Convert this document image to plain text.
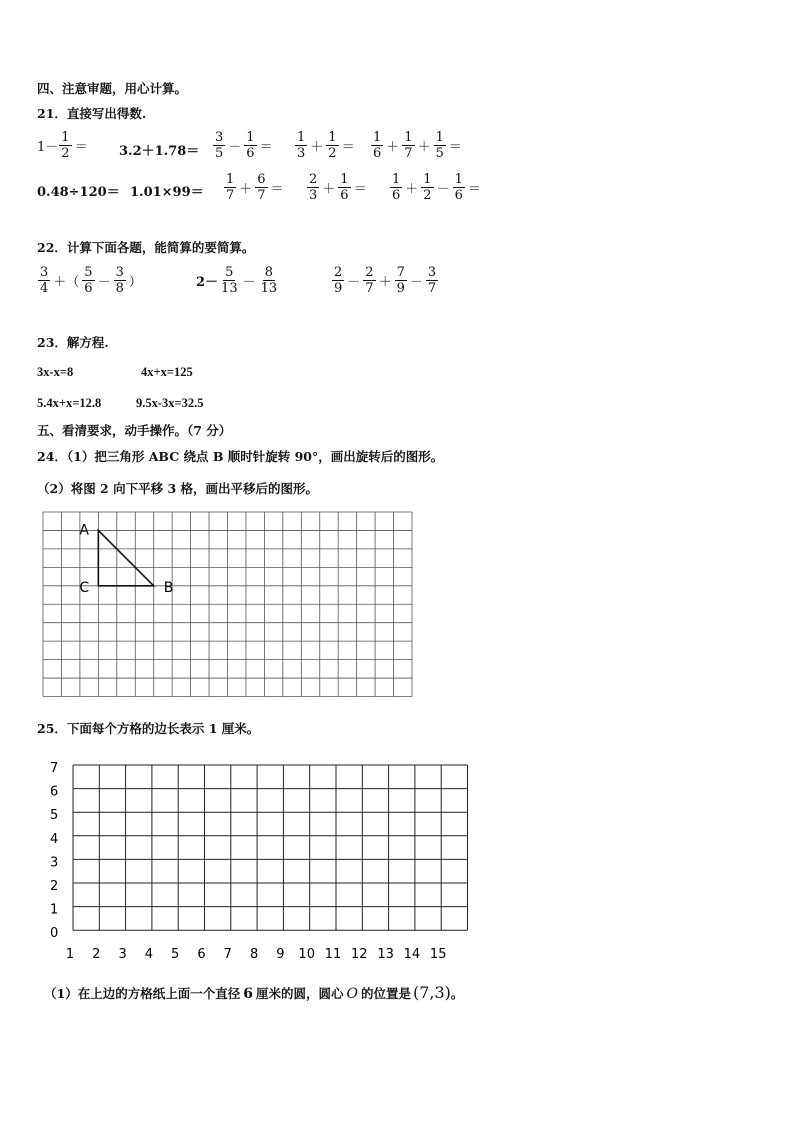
四、注意审题，用心计算。
21．直接写出得数.
$1- \frac{1}{2} = 3.2+1.78= \frac{3}{5} - \frac{1}{6} = \frac{1}{3} + \frac{1}{2} = \frac{1}{6} + \frac{1}{7} + \frac{1}{5}$ ＝
$0.48\div 120= 1.01\times 99= \frac{1}{7} + \frac{6}{7} = \frac{2}{3} + \frac{1}{6} = \frac{1}{6} + \frac{1}{2} - \frac{1}{6}$ ＝
22．计算下面各题，能简算的要简算。
$\frac{3}{4}$ ＋（ $\frac{5}{6} - \frac{3}{8}$ ）	$2- \frac{5}{13} - \frac{8}{13}$	$\frac{2}{9} - \frac{2}{7} + \frac{7}{9} - \frac{3}{7}$
23．解方程.
3x-x=8	4x+x=125
5.4x+x=12.8	9.5x-3x=32.5
五、看清要求，动手操作。（7 分）
24．（1）把三角形 ABC 绕点 B 顺时针旋转 90°，画出旋转后的图形。
（2）将图 2 向下平移 3 格，画出平移后的图形。
A
C	B
25．下面每个方格的边长表示 1 厘米。
0
1
2
3
4
5
6
7
1 2 3 4 5 6 7 8 9 10 11 12 13 14 15
（1）在上边的方格纸上面一个直径 6 厘米的圆，圆心 O 的位置是 (7,3) 。
